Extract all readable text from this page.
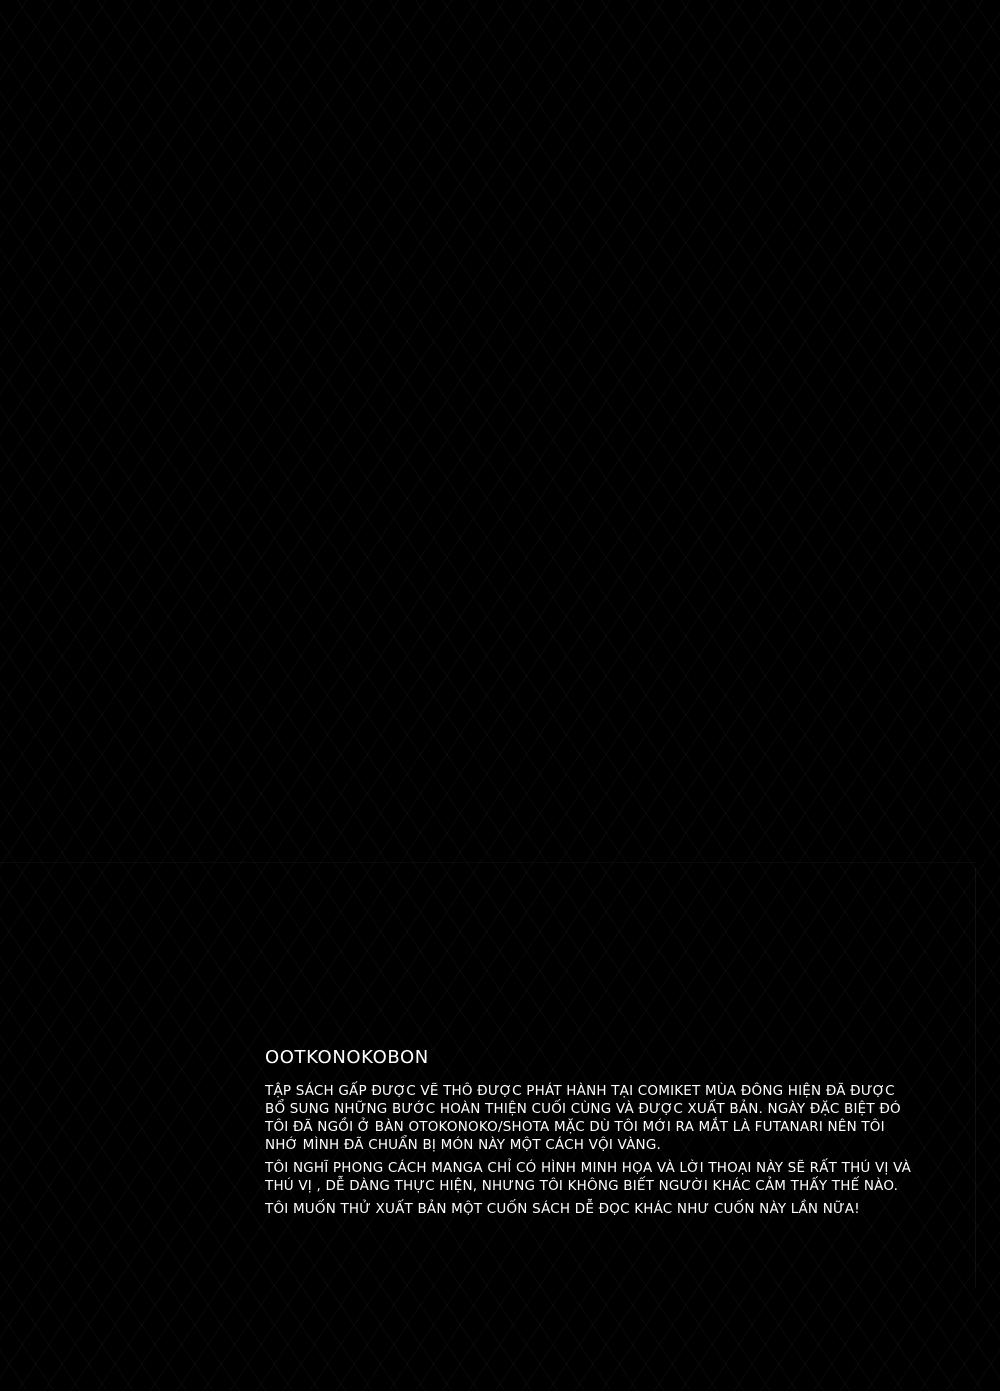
OOTKONOKOBON

TẬP SÁCH GẤP ĐƯỢC VẼ THÔ ĐƯỢC PHÁT HÀNH TẠI COMIKET MÙA ĐÔNG HIỆN ĐÃ ĐƯỢC BỔ SUNG NHỮNG BƯỚC HOÀN THIỆN CUỐI CÙNG VÀ ĐƯỢC XUẤT BẢN. NGÀY ĐẶC BIỆT ĐÓ TÔI ĐÃ NGỒI Ở BÀN OTOKONOKO/SHOTA MẶC DÙ TÔI MỚI RA MẮT LÀ FUTANARI NÊN TÔI NHỚ MÌNH ĐÃ CHUẨN BỊ MÓN NÀY MỘT CÁCH VỘI VÀNG.

TÔI NGHĨ PHONG CÁCH MANGA CHỈ CÓ HÌNH MINH HỌA VÀ LỜI THOẠI NÀY SẼ RẤT THÚ VỊ VÀ THÚ VỊ , DỄ DÀNG THỰC HIỆN, NHƯNG TÔI KHÔNG BIẾT NGƯỜI KHÁC CẢM THẤY THẾ NÀO.

TÔI MUỐN THỬ XUẤT BẢN MỘT CUỐN SÁCH DỄ ĐỌC KHÁC NHƯ CUỐN NÀY LẦN NỮA!
